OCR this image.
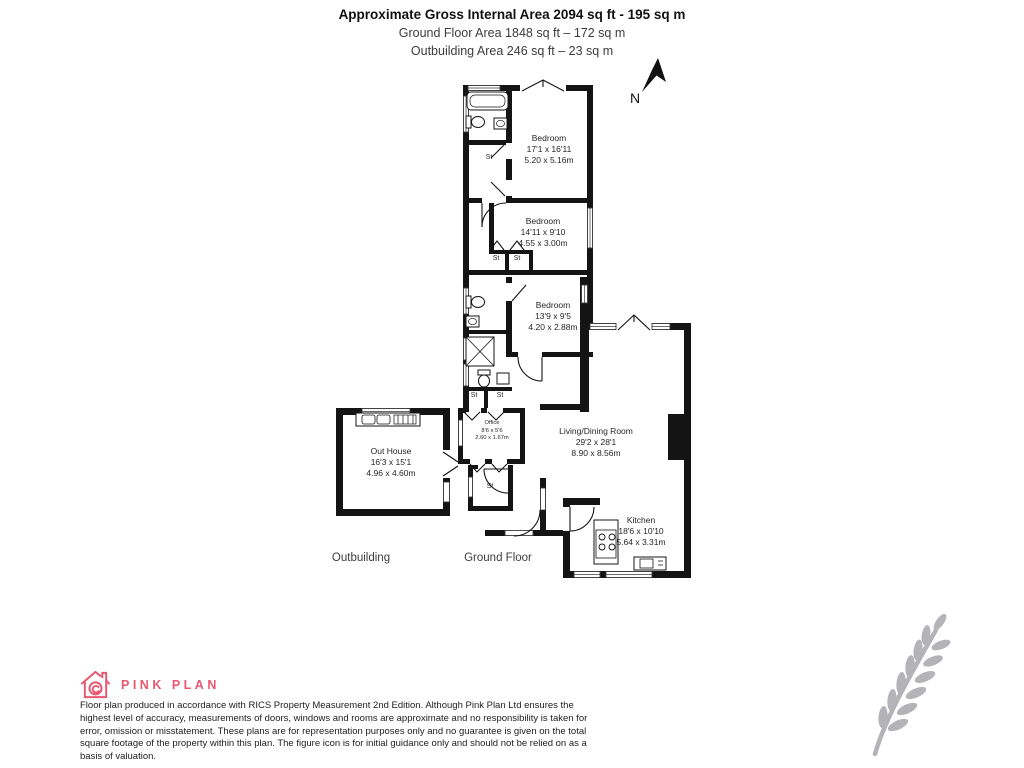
Approximate Gross Internal Area 2094 sq ft - 195 sq m
Ground Floor Area 1848 sq ft – 172 sq m
Outbuilding Area 246 sq ft – 23 sq m
N
Bedroom
17'1 x 16'11
5.20 x 5.16m
Bedroom
14'11 x 9'10
4.55 x 3.00m
Bedroom
13'9 x 9'5
4.20 x 2.88m
Living/Dining Room
29'2 x 28'1
8.90 x 8.56m
Kitchen
18'6 x 10'10
5.64 x 3.31m
Office
8'6 x 5'6
2.60 x 1.67m
Out House
16'3 x 15'1
4.96 x 4.60m
St
St St
St	St
St
Outbuilding	Ground Floor
PINK PLAN
Floor plan produced in accordance with RICS Property Measurement 2nd Edition. Although Pink Plan Ltd ensures the highest level of accuracy, measurements of doors, windows and rooms are approximate and no responsibility is taken for error, omission or misstatement. These plans are for representation purposes only and no guarantee is given on the total square footage of the property within this plan. The figure icon is for initial guidance only and should not be relied on as a basis of valuation.
